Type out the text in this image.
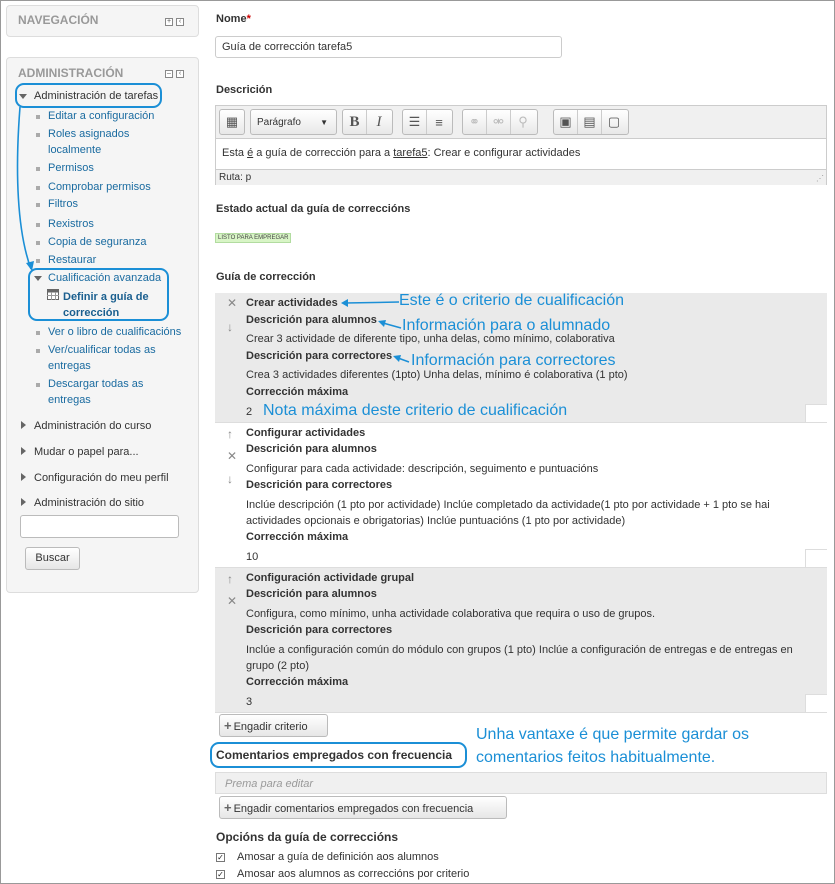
NAVEGACIÓN	+	‹
ADMINISTRACIÓN	–	‹
Administración de tarefas
Editar a configuración
Roles asignados
localmente
Permisos
Comprobar permisos
Filtros
Rexistros
Copia de seguranza
Restaurar
Cualificación avanzada
Definir a guía de
corrección
Ver o libro de cualificacións
Ver/cualificar todas as
entregas
Descargar todas as
entregas
Administración do curso
Mudar o papel para...
Configuración do meu perfil
Administración do sitio
Buscar
Nome*
Guía de corrección tarefa5
Descrición
▦	Parágrafo ▼	B	I	☰	≡	⚭	⚮	⚲	▣ ▤ ▢
Esta é a guía de corrección para a tarefa5: Crear e configurar actividades
Ruta: p	⋰
Estado actual da guía de correccións
LISTO PARA EMPREGAR
Guía de corrección
✕
↓
Crear actividades
Descrición para alumnos
Crear 3 actividade de diferente tipo, unha delas, como mínimo, colaborativa
Descrición para correctores
Crea 3 actividades diferentes (1pto) Unha delas, mínimo é colaborativa (1 pto)
Corrección máxima
2
↑
✕
↓
Configurar actividades
Descrición para alumnos
Configurar para cada actividade: descripción, seguimento e puntuacións
Descrición para correctores
Inclúe descripción (1 pto por actividade) Inclúe completado da actividade(1 pto por actividade + 1 pto se hai
actividades opcionais e obrigatorias) Inclúe puntuacións (1 pto por actividade)
Corrección máxima
10
↑
✕
Configuración actividade grupal
Descrición para alumnos
Configura, como mínimo, unha actividade colaborativa que requira o uso de grupos.
Descrición para correctores
Inclúe a configuración común do módulo con grupos (1 pto) Inclúe a configuración de entregas e de entregas en
grupo (2 pto)
Corrección máxima
3
Este é o criterio de cualificación
Información para o alumnado
Información para correctores
Nota máxima deste criterio de cualificación
+ Engadir criterio
Comentarios empregados con frecuencia
Unha vantaxe é que permite gardar os
comentarios feitos habitualmente.
Prema para editar
+ Engadir comentarios empregados con frecuencia
Opcións da guía de correccións
✓ Amosar a guía de definición aos alumnos
✓ Amosar aos alumnos as correccións por criterio
